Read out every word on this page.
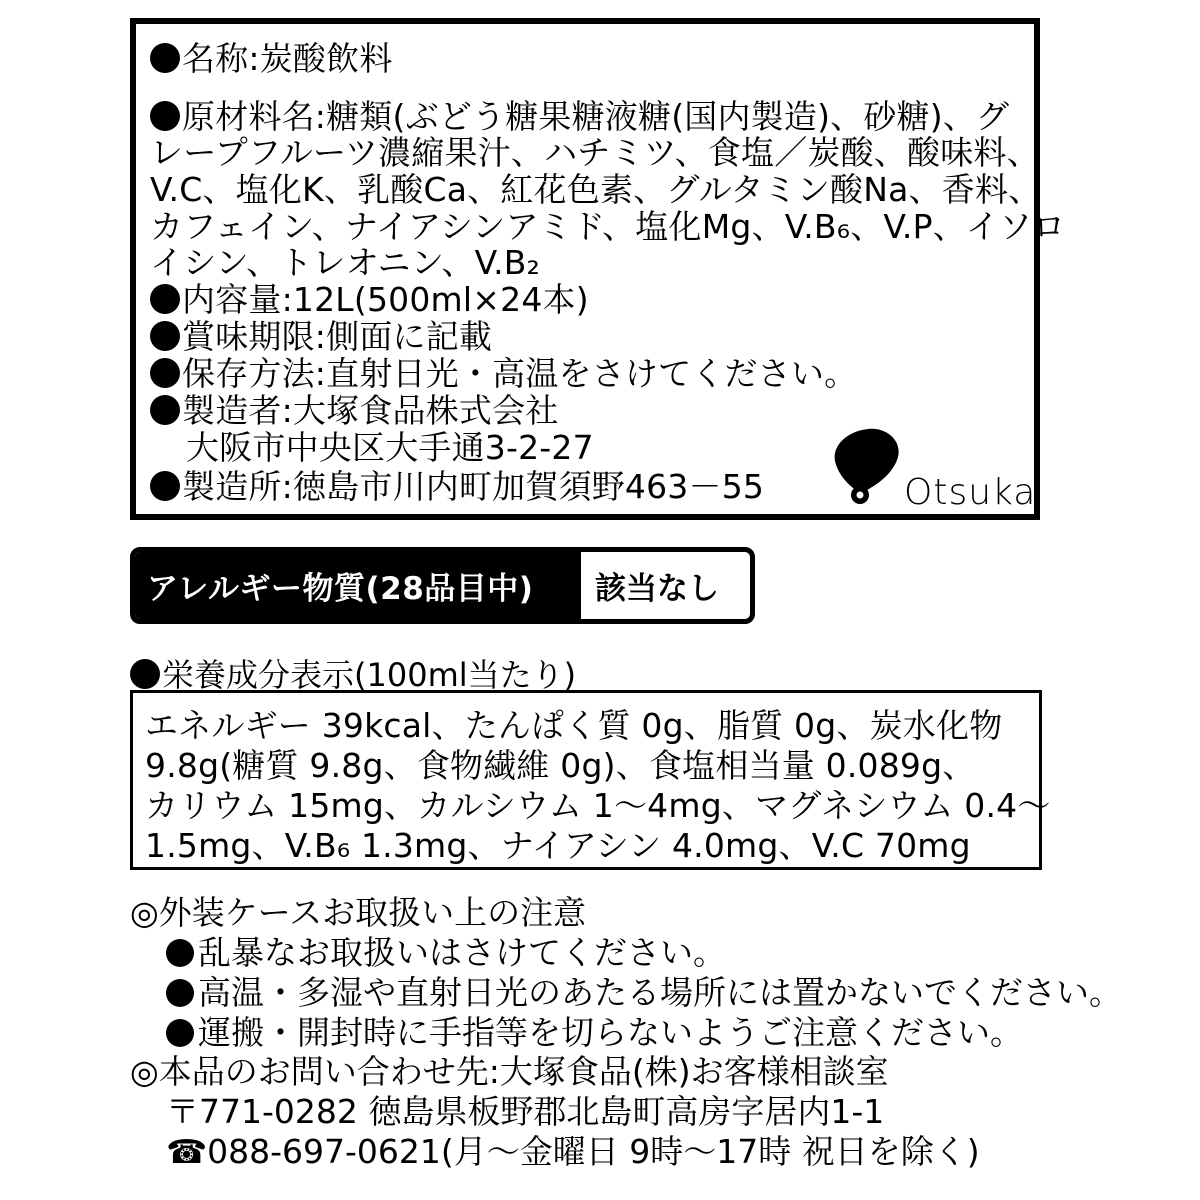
名称:炭酸飲料
原材料名:糖類(ぶどう糖果糖液糖(国内製造)、砂糖)、グ
レープフルーツ濃縮果汁、ハチミツ、食塩／炭酸、酸味料、
V.C、塩化K、乳酸Ca、紅花色素、グルタミン酸Na、香料、
カフェイン、ナイアシンアミド、塩化Mg、V.B₆、V.P、イソロ
イシン、トレオニン、V.B₂
内容量:12L(500ml×24本)
賞味期限:側面に記載
保存方法:直射日光・高温をさけてください。
製造者:大塚食品株式会社
大阪市中央区大手通3-2-27
製造所:徳島市川内町加賀須野463－55	Otsuka
アレルギー物質(28品目中)	該当なし
栄養成分表示(100ml当たり)
エネルギー 39kcal、たんぱく質 0g、脂質 0g、炭水化物
9.8g(糖質 9.8g、食物繊維 0g)、食塩相当量 0.089g、
カリウム 15mg、カルシウム 1～4mg、マグネシウム 0.4～
1.5mg、V.B₆ 1.3mg、ナイアシン 4.0mg、V.C 70mg
◎外装ケースお取扱い上の注意
乱暴なお取扱いはさけてください。
高温・多湿や直射日光のあたる場所には置かないでください。
運搬・開封時に手指等を切らないようご注意ください。
◎本品のお問い合わせ先:大塚食品(株)お客様相談室
〒771-0282 徳島県板野郡北島町高房字居内1-1
☎088-697-0621(月～金曜日 9時～17時 祝日を除く)
